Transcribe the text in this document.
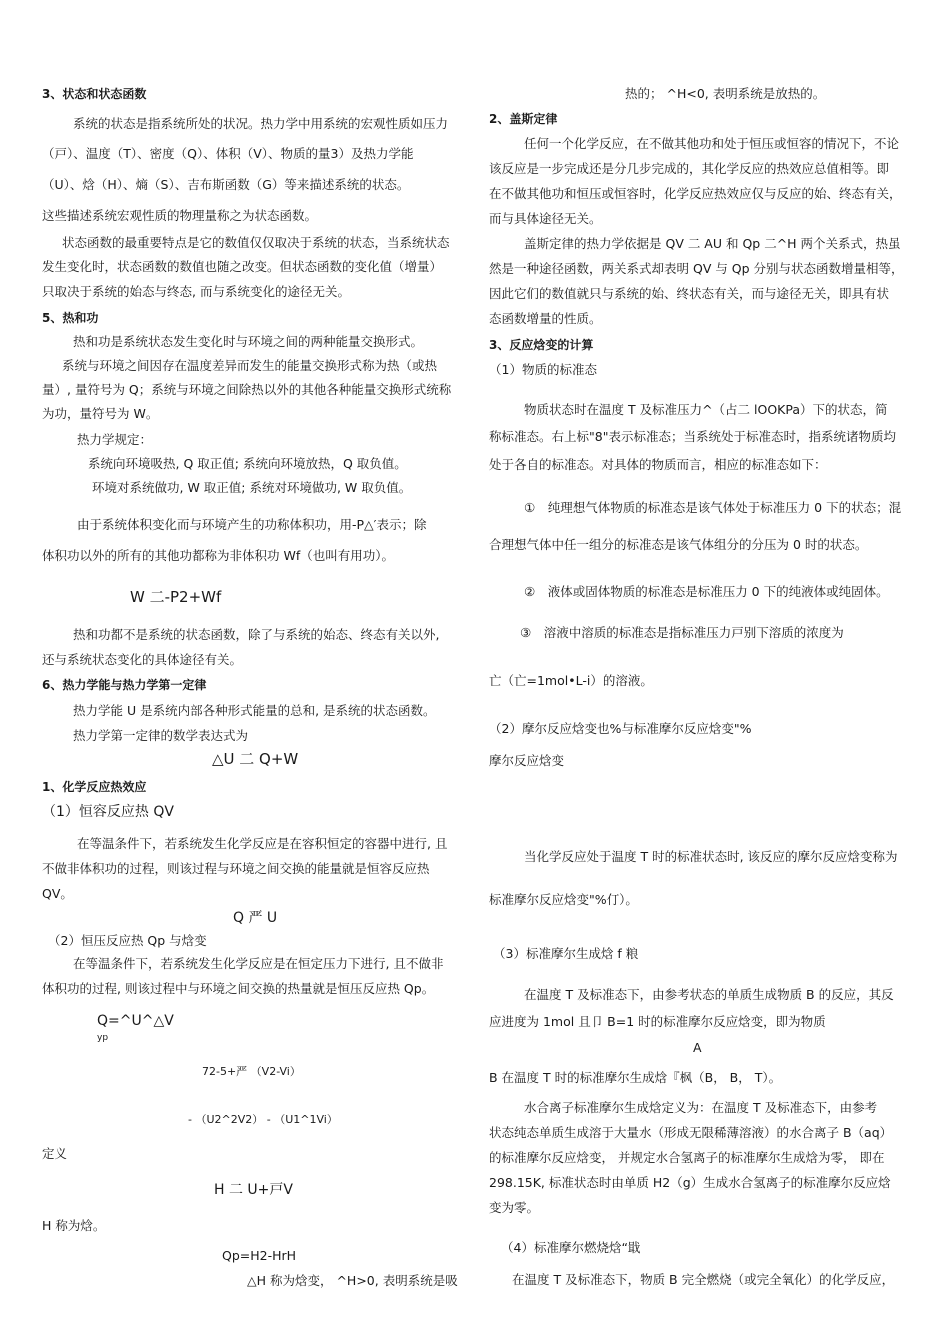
3、状态和状态函数
系统的状态是指系统所处的状况。热力学中用系统的宏观性质如压力
（戸）、温度（T）、密度（Q）、体积（V）、物质的量3）及热力学能
（U）、焓（H）、熵（S）、吉布斯函数（G）等来描述系统的状态。
这些描述系统宏观性质的物理量称之为状态函数。
状态函数的最重要特点是它的数值仅仅取决于系统的状态，当系统状态
发生变化时，状态函数的数值也随之改变。但状态函数的变化值（增量）
只取决于系统的始态与终态, 而与系统变化的途径无关。
5、热和功
热和功是系统状态发生变化时与环境之间的两种能量交换形式。
系统与环境之间因存在温度差异而发生的能量交换形式称为热（或热
量）, 量符号为 Q；系统与环境之间除热以外的其他各种能量交换形式统称
为功，量符号为 W。
热力学规定：
系统向环境吸热, Q 取正值; 系统向环境放热，Q 取负值。
环境对系统做功, W 取正值; 系统对环境做功, W 取负值。
由于系统体积变化而与环境产生的功称体积功，用-P△′表示；除
体积功以外的所有的其他功都称为非体积功 Wf（也叫有用功）。
W 二-P2+Wf
热和功都不是系统的状态函数，除了与系统的始态、终态有关以外,
还与系统状态变化的具体途径有关。
6、热力学能与热力学第一定律
热力学能 U 是系统内部各种形式能量的总和, 是系统的状态函数。
热力学第一定律的数学表达式为
△U 二 Q+W
1、化学反应热效应
（1）恒容反应热 QV
在等温条件下，若系统发生化学反应是在容积恒定的容器中进行, 且
不做非体积功的过程，则该过程与环境之间交换的能量就是恒容反应热
QV。
Q 严 U
（2）恒压反应热 Qp 与焓变
在等温条件下，若系统发生化学反应是在恒定压力下进行, 且不做非
体积功的过程, 则该过程中与环境之间交换的热量就是恒压反应热 Qp。
Q=^U^△V
yp
72-5+严 （V2-Vi）
- （U2^2V2） - （U1^1Vi）
定义
H 二 U+戸V
H 称为焓。
Qp=H2-HrH
△H 称为焓变， ^H>0, 表明系统是吸
热的； ^H<0, 表明系统是放热的。
2、盖斯定律
任何一个化学反应，在不做其他功和处于恒压或恒容的情况下，不论
该反应是一步完成还是分几步完成的，其化学反应的热效应总值相等。即
在不做其他功和恒压或恒容时，化学反应热效应仅与反应的始、终态有关，
而与具体途径无关。
盖斯定律的热力学依据是 QV 二 AU 和 Qp 二^H 两个关系式，热虽
然是一种途径函数，两关系式却表明 QV 与 Qp 分别与状态函数增量相等，
因此它们的数值就只与系统的始、终状态有关，而与途径无关，即具有状
态函数增量的性质。
3、反应焓变的计算
（1）物质的标准态
物质状态时在温度 T 及标准压力^（占二 lOOKPa）下的状态，简
称标准态。右上标"8"表示标准态；当系统处于标准态时，指系统诸物质均
处于各自的标准态。对具体的物质而言，相应的标准态如下：
①　纯理想气体物质的标准态是该气体处于标准压力 0 下的状态；混
合理想气体中任一组分的标准态是该气体组分的分压为 0 时的状态。
②　液体或固体物质的标准态是标准压力 0 下的纯液体或纯固体。
③　溶液中溶质的标准态是指标准压力戸别下溶质的浓度为
亡（亡=1mol•L-i）的溶液。
（2）摩尔反应焓变也%与标准摩尔反应焓变"%
摩尔反应焓变
当化学反应处于温度 T 时的标准状态时, 该反应的摩尔反应焓变称为
标准摩尔反应焓变"%仃）。
（3）标准摩尔生成焓 f 粮
在温度 T 及标准态下，由参考状态的单质生成物质 B 的反应，其反
应进度为 1mol 且卩 B=1 时的标准摩尔反应焓变，即为物质
A
B 在温度 T 时的标准摩尔生成焓『枫（B， B， T）。
水合离子标准摩尔生成焓定义为：在温度 T 及标准态下，由参考
状态纯态单质生成溶于大量水（形成无限稀薄溶液）的水合离子 B（aq）
的标准摩尔反应焓变， 并规定水合氢离子的标准摩尔生成焓为零， 即在
298.15K, 标准状态时由单质 H2（g）生成水合氢离子的标准摩尔反应焓
变为零。
（4）标准摩尔燃烧焓“戢
在温度 T 及标准态下，物质 B 完全燃烧（或完全氧化）的化学反应，
